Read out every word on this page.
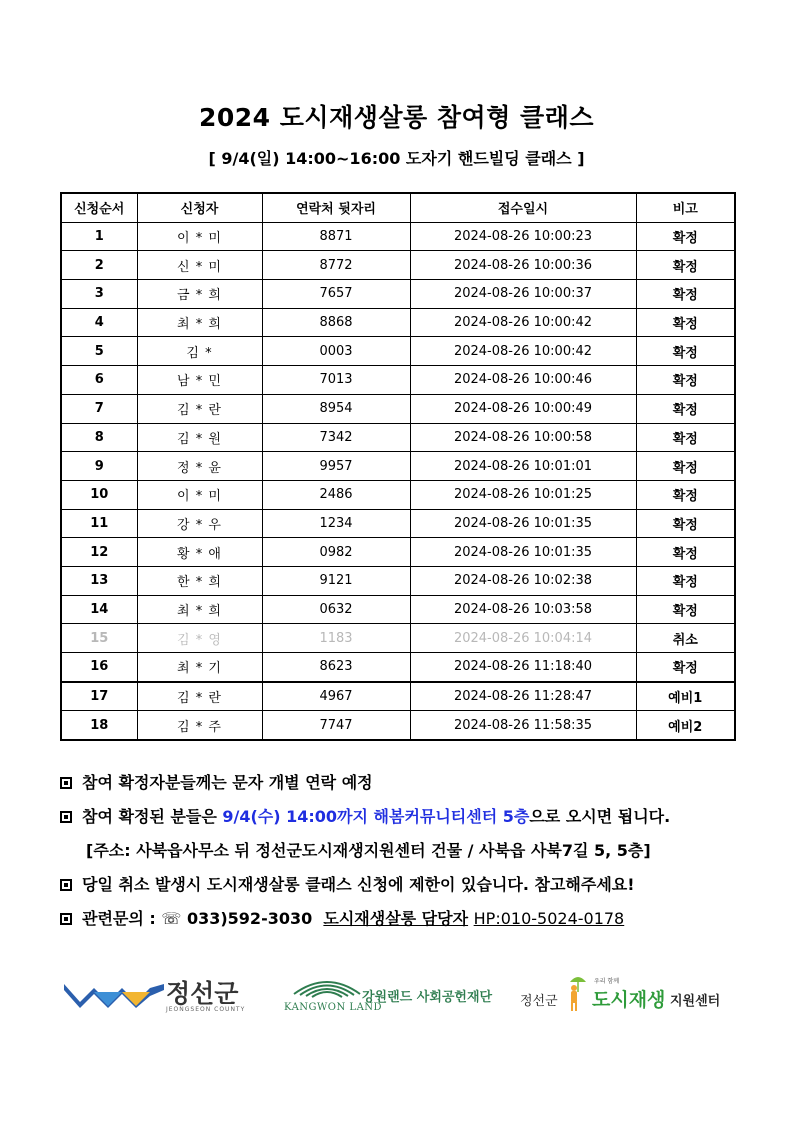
2024 도시재생살롱 참여형 클래스
[ 9/4(일) 14:00~16:00 도자기 핸드빌딩 클래스 ]
신청순서	신청자	연락처 뒷자리	접수일시	비고
1	이 * 미	8871	2024-08-26 10:00:23	확정
2	신 * 미	8772	2024-08-26 10:00:36	확정
3	금 * 희	7657	2024-08-26 10:00:37	확정
4	최 * 희	8868	2024-08-26 10:00:42	확정
5	김 *	0003	2024-08-26 10:00:42	확정
6	남 * 민	7013	2024-08-26 10:00:46	확정
7	김 * 란	8954	2024-08-26 10:00:49	확정
8	김 * 원	7342	2024-08-26 10:00:58	확정
9	정 * 윤	9957	2024-08-26 10:01:01	확정
10	이 * 미	2486	2024-08-26 10:01:25	확정
11	강 * 우	1234	2024-08-26 10:01:35	확정
12	황 * 애	0982	2024-08-26 10:01:35	확정
13	한 * 희	9121	2024-08-26 10:02:38	확정
14	최 * 희	0632	2024-08-26 10:03:58	확정
15	김 * 영	1183	2024-08-26 10:04:14	취소
16	최 * 기	8623	2024-08-26 11:18:40	확정
17	김 * 란	4967	2024-08-26 11:28:47	예비1
18	김 * 주	7747	2024-08-26 11:58:35	예비2
참여 확정자분들께는 문자 개별 연락 예정
참여 확정된 분들은 9/4(수) 14:00까지 해봄커뮤니티센터 5층으로 오시면 됩니다.
[주소: 사북읍사무소 뒤 정선군도시재생지원센터 건물 / 사북읍 사북7길 5, 5층]
당일 취소 발생시 도시재생살롱 클래스 신청에 제한이 있습니다. 참고해주세요!
관련문의 : ☏ 033)592-3030 도시재생살롱 담당자 HP:010-5024-0178
정선군
JEONGSEON COUNTY	KANGWON LAND
강원랜드 사회공헌재단 정선군
우리 함께
도시재생 지원센터
